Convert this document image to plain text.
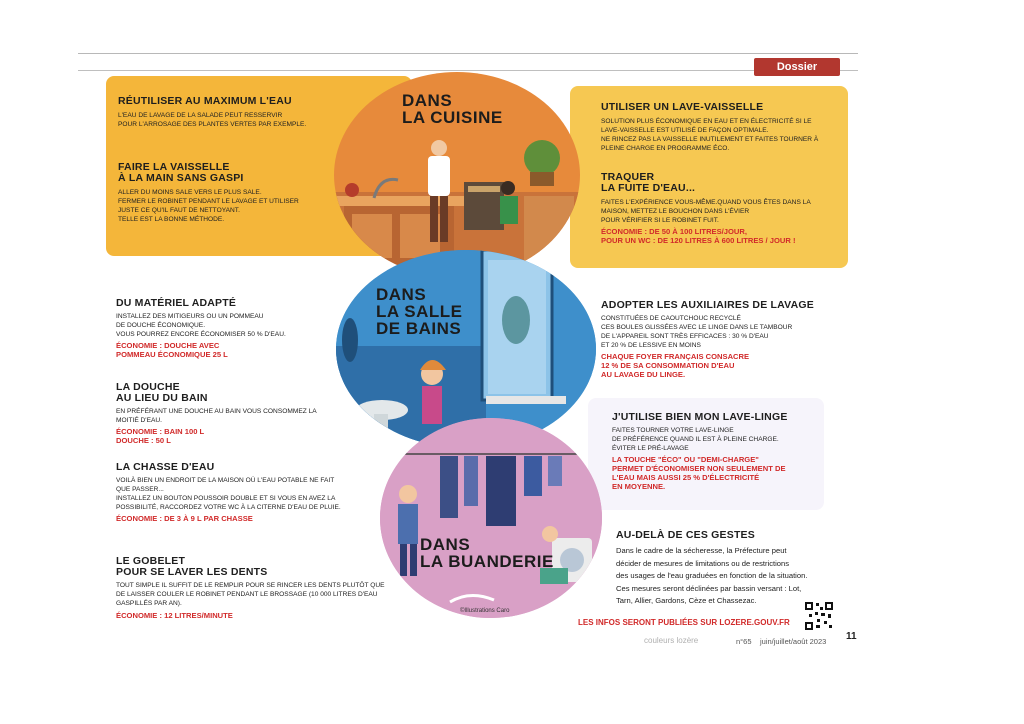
Dossier
RÉUTILISER AU MAXIMUM L'EAU
L'EAU DE LAVAGE DE LA SALADE PEUT RESSERVIR
POUR L'ARROSAGE DES PLANTES VERTES PAR EXEMPLE.
FAIRE LA VAISSELLE
À LA MAIN SANS GASPI
ALLER DU MOINS SALE VERS LE PLUS SALE.
FERMER LE ROBINET PENDANT LE LAVAGE ET UTILISER
JUSTE CE QU'IL FAUT DE NETTOYANT.
TELLE EST LA BONNE MÉTHODE.
UTILISER UN LAVE-VAISSELLE
SOLUTION PLUS ÉCONOMIQUE EN EAU ET EN ÉLECTRICITÉ SI LE
LAVE-VAISSELLE EST UTILISÉ DE FAÇON OPTIMALE.
NE RINCEZ PAS LA VAISSELLE INUTILEMENT ET FAITES TOURNER À
PLEINE CHARGE EN PROGRAMME ÉCO.
TRAQUER
LA FUITE D'EAU...
FAITES L'EXPÉRIENCE VOUS-MÊME.QUAND VOUS ÊTES DANS LA
MAISON, METTEZ LE BOUCHON DANS L'ÉVIER
POUR VÉRIFIER SI LE ROBINET FUIT.
ÉCONOMIE : DE 50 À 100 LITRES/JOUR,
POUR UN WC : DE 120 LITRES À 600 LITRES / JOUR !
DANS
LA CUISINE
DANS
LA SALLE
DE BAINS
DANS
LA BUANDERIE
©Illustrations Caro
DU MATÉRIEL ADAPTÉ
INSTALLEZ DES MITIGEURS OU UN POMMEAU
DE DOUCHE ÉCONOMIQUE.
VOUS POURREZ ENCORE ÉCONOMISER 50 % D'EAU.
ÉCONOMIE : DOUCHE AVEC
POMMEAU ÉCONOMIQUE 25 L
LA DOUCHE
AU LIEU DU BAIN
EN PRÉFÉRANT UNE DOUCHE AU BAIN VOUS CONSOMMEZ LA
MOITIÉ D'EAU.
ÉCONOMIE : BAIN 100 L
DOUCHE : 50 L
LA CHASSE D'EAU
VOILÀ BIEN UN ENDROIT DE LA MAISON OÙ L'EAU POTABLE NE FAIT
QUE PASSER...
INSTALLEZ UN BOUTON POUSSOIR DOUBLE ET SI VOUS EN AVEZ LA
POSSIBILITÉ, RACCORDEZ VOTRE WC À LA CITERNE D'EAU DE PLUIE.
ÉCONOMIE : DE 3 À 9 L PAR CHASSE
LE GOBELET
POUR SE LAVER LES DENTS
TOUT SIMPLE IL SUFFIT DE LE REMPLIR POUR SE RINCER LES DENTS PLUTÔT QUE
DE LAISSER COULER LE ROBINET PENDANT LE BROSSAGE (10 000 LITRES D'EAU
GASPILLÉS PAR AN).
ÉCONOMIE : 12 LITRES/MINUTE
ADOPTER LES AUXILIAIRES DE LAVAGE
CONSTITUÉES DE CAOUTCHOUC RECYCLÉ
CES BOULES GLISSÉES AVEC LE LINGE DANS LE TAMBOUR
DE L'APPAREIL SONT TRÈS EFFICACES : 30 % D'EAU
ET 20 % DE LESSIVE EN MOINS
CHAQUE FOYER FRANÇAIS CONSACRE
12 % DE SA CONSOMMATION D'EAU
AU LAVAGE DU LINGE.
J'UTILISE BIEN MON LAVE-LINGE
FAITES TOURNER VOTRE LAVE-LINGE
DE PRÉFÉRENCE QUAND IL EST À PLEINE CHARGE.
ÉVITER LE PRÉ-LAVAGE
LA TOUCHE "ÉCO" OU "DEMI-CHARGE"
PERMET D'ÉCONOMISER NON SEULEMENT DE
L'EAU MAIS AUSSI 25 % D'ÉLECTRICITÉ
EN MOYENNE.
AU-DELÀ DE CES GESTES

Dans le cadre de la sécheresse, la Préfecture peut

décider de mesures de limitations ou de restrictions

des usages de l'eau graduées en fonction de la situation.

Ces mesures seront déclinées par bassin versant : Lot,

Tarn, Allier, Gardons, Cèze et Chassezac.

LES INFOS SERONT PUBLIÉES SUR LOZERE.GOUV.FR
couleurs lozère	n°65 juin/juillet/août 2023 11
